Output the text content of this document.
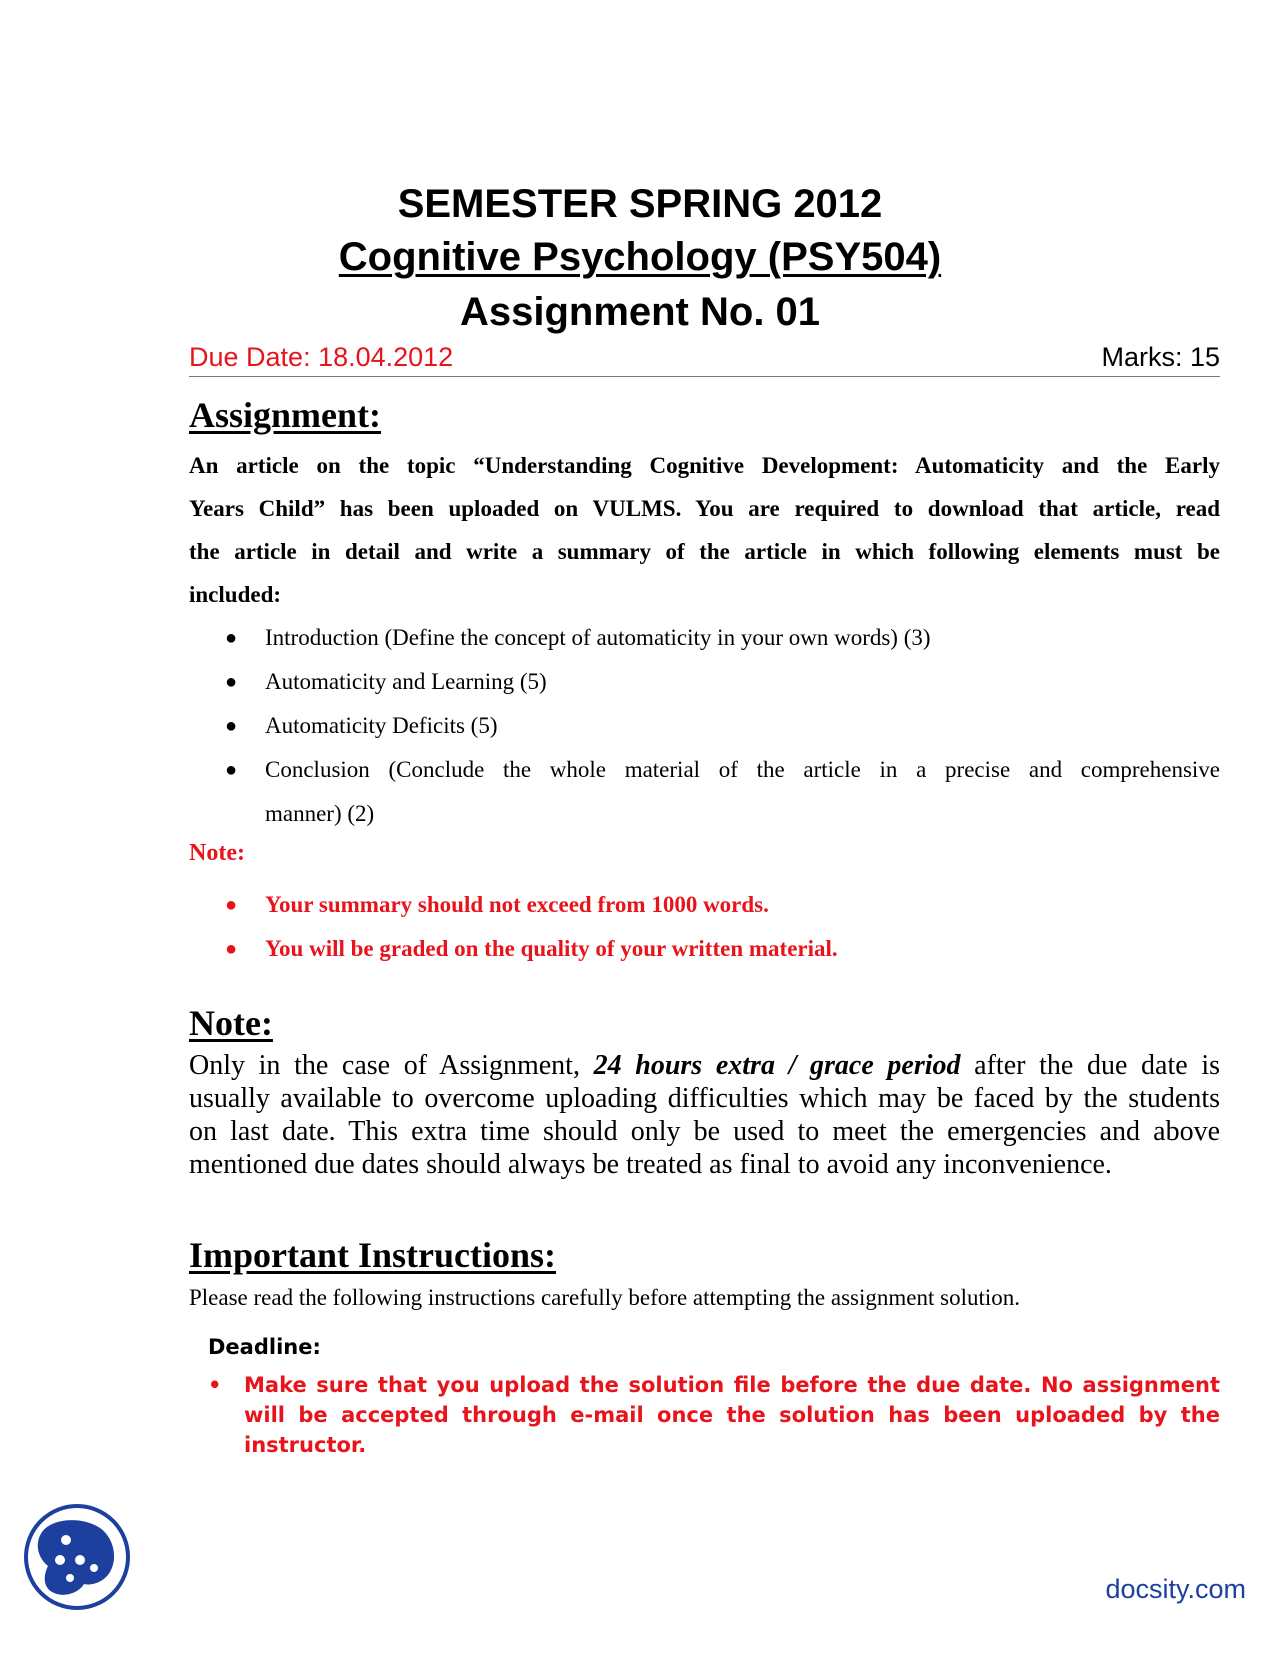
SEMESTER SPRING 2012
Cognitive Psychology (PSY504)
Assignment No. 01
Due Date: 18.04.2012	Marks: 15
Assignment:
An article on the topic “Understanding Cognitive Development: Automaticity and the Early
Years Child” has been uploaded on VULMS. You are required to download that article, read
the article in detail and write a summary of the article in which following elements must be
included:
● Introduction (Define the concept of automaticity in your own words) (3)
● Automaticity and Learning (5)
● Automaticity Deficits (5)
● Conclusion (Conclude the whole material of the article in a precise and comprehensive
manner) (2)
Note:
● Your summary should not exceed from 1000 words.
● You will be graded on the quality of your written material.
Note:
Only in the case of Assignment, 24 hours extra / grace period after the due date is
usually available to overcome uploading difficulties which may be faced by the students
on last date. This extra time should only be used to meet the emergencies and above
mentioned due dates should always be treated as final to avoid any inconvenience.
Important Instructions:
Please read the following instructions carefully before attempting the assignment solution.
Deadline:
• Make sure that you upload the solution file before the due date. No assignment
will be accepted through e-mail once the solution has been uploaded by the
instructor.
docsity.com
